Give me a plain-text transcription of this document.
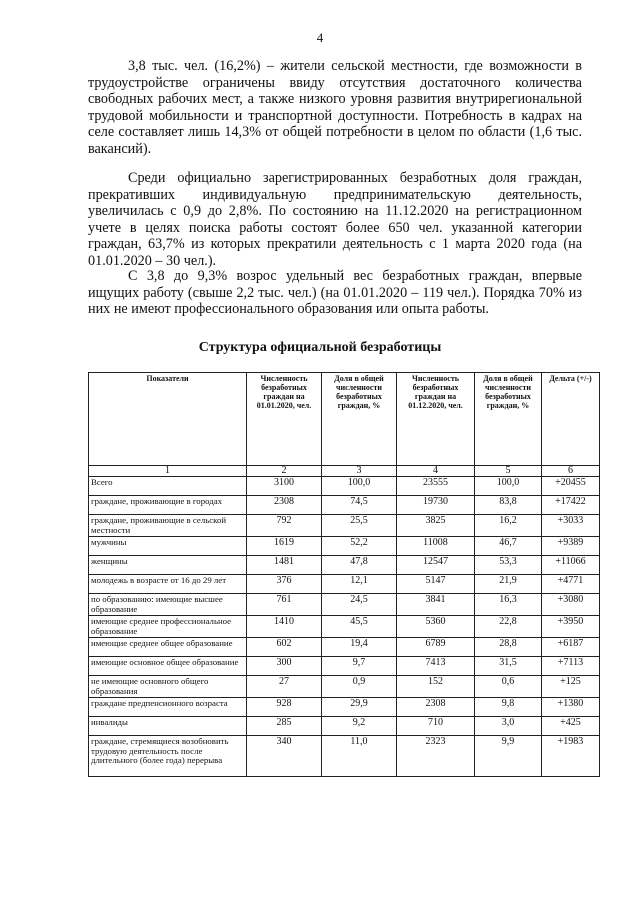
4

3,8 тыс. чел. (16,2%) – жители сельской местности, где возможности в трудоустройстве ограничены ввиду отсутствия достаточного количества свободных рабочих мест, а также низкого уровня развития внутрирегиональной трудовой мобильности и транспортной доступности. Потребность в кадрах на селе составляет лишь 14,3% от общей потребности в целом по области (1,6 тыс. вакансий).

Среди официально зарегистрированных безработных доля граждан, прекративших индивидуальную предпринимательскую деятельность, увеличилась с 0,9 до 2,8%. По состоянию на 11.12.2020 на регистрационном учете в целях поиска работы состоят более 650 чел. указанной категории граждан, 63,7% из которых прекратили деятельность с 1 марта 2020 года (на 01.01.2020 – 30 чел.).

С 3,8 до 9,3% возрос удельный вес безработных граждан, впервые ищущих работу (свыше 2,2 тыс. чел.) (на 01.01.2020 – 119 чел.). Порядка 70% из них не имеют профессионального образования или опыта работы.

Структура официальной безработицы
Показатели	Численность безработных граждан на 01.01.2020, чел.	Доля в общей численности безработных граждан, %	Численность безработных граждан на 01.12.2020, чел.	Доля в общей численности безработных граждан, %	Дельта (+/-)
1	2	3	4	5	6
Всего	3100	100,0	23555	100,0	+20455
граждане, проживающие в городах	2308	74,5	19730	83,8	+17422
граждане, проживающие в сельской местности	792	25,5	3825	16,2	+3033
мужчины	1619	52,2	11008	46,7	+9389
женщины	1481	47,8	12547	53,3	+11066
молодежь в возрасте от 16 до 29 лет	376	12,1	5147	21,9	+4771
по образованию: имеющие высшее образование	761	24,5	3841	16,3	+3080
имеющие среднее профессиональное образование	1410	45,5	5360	22,8	+3950
имеющие среднее общее образование	602	19,4	6789	28,8	+6187
имеющие основное общее образование	300	9,7	7413	31,5	+7113
не имеющие основного общего образования	27	0,9	152	0,6	+125
граждане предпенсионного возраста	928	29,9	2308	9,8	+1380
инвалиды	285	9,2	710	3,0	+425
граждане, стремящиеся возобновить трудовую деятельность после длительного (более года) перерыва	340	11,0	2323	9,9	+1983
